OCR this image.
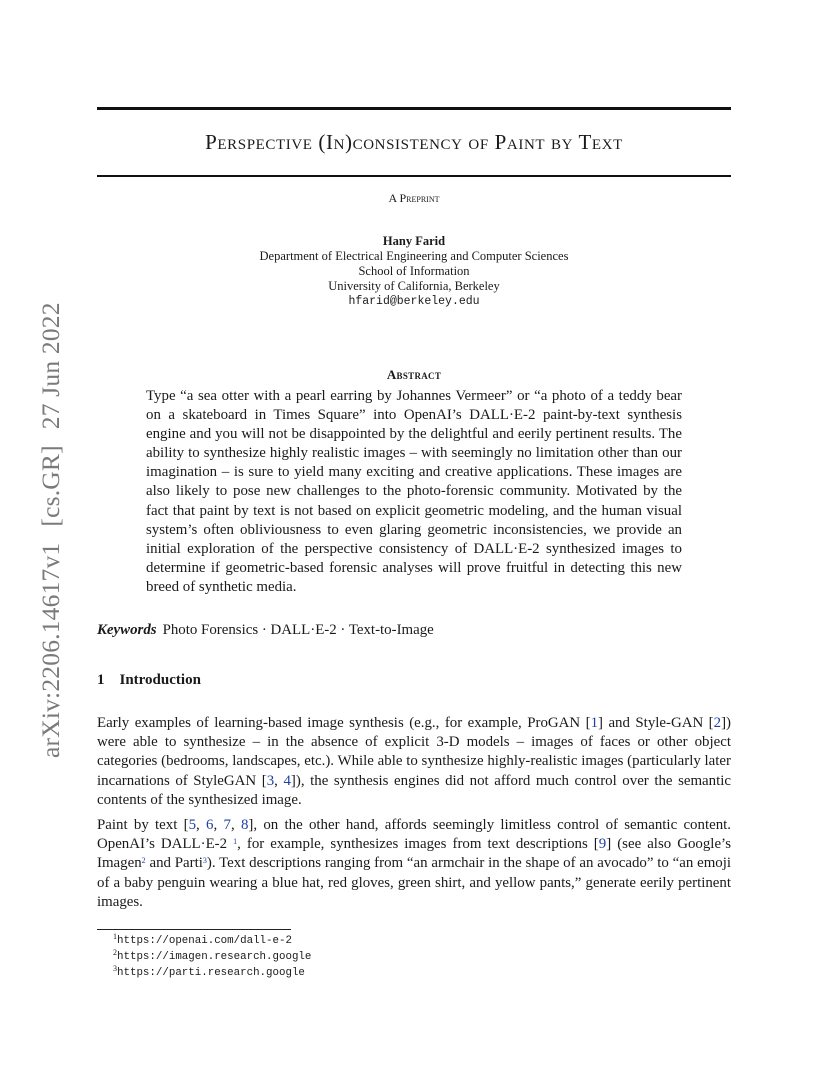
arXiv:2206.14617v1[cs.GR]27 Jun 2022
Perspective (In)consistency of Paint by Text
A Preprint
Hany Farid
Department of Electrical Engineering and Computer Sciences
School of Information
University of California, Berkeley
hfarid@berkeley.edu
Abstract

Type “a sea otter with a pearl earring by Johannes Vermeer” or “a photo of a teddy bear on a skateboard in Times Square” into OpenAI’s DALL·E-2 paint-by-text synthesis engine and you will not be disappointed by the delightful and eerily pertinent results. The ability to synthesize highly realistic images – with seemingly no limitation other than our imagination – is sure to yield many exciting and creative applications. These images are also likely to pose new challenges to the photo-forensic community. Motivated by the fact that paint by text is not based on explicit geometric modeling, and the human visual system’s often obliviousness to even glaring geometric inconsistencies, we provide an initial exploration of the perspective consistency of DALL·E-2 synthesized images to determine if geometric-based forensic analyses will prove fruitful in detecting this new breed of synthetic media.

Keywords Photo Forensics · DALL·E-2 · Text-to-Image
1 Introduction

Early examples of learning-based image synthesis (e.g., for example, ProGAN [1] and Style-GAN [2]) were able to synthesize – in the absence of explicit 3-D models – images of faces or other object categories (bedrooms, landscapes, etc.). While able to synthesize highly-realistic images (particularly later incarnations of StyleGAN [3, 4]), the synthesis engines did not afford much control over the semantic contents of the synthesized image.

Paint by text [5, 6, 7, 8], on the other hand, affords seemingly limitless control of semantic content. OpenAI’s DALL·E-2 $^1$, for example, synthesizes images from text descriptions [9] (see also Google’s Imagen$^2$ and Parti$^3$). Text descriptions ranging from “an armchair in the shape of an avocado” to “an emoji of a baby penguin wearing a blue hat, red gloves, green shirt, and yellow pants,” generate eerily pertinent images.

$^1$https://openai.com/dall-e-2
$^2$https://imagen.research.google
$^3$https://parti.research.google
